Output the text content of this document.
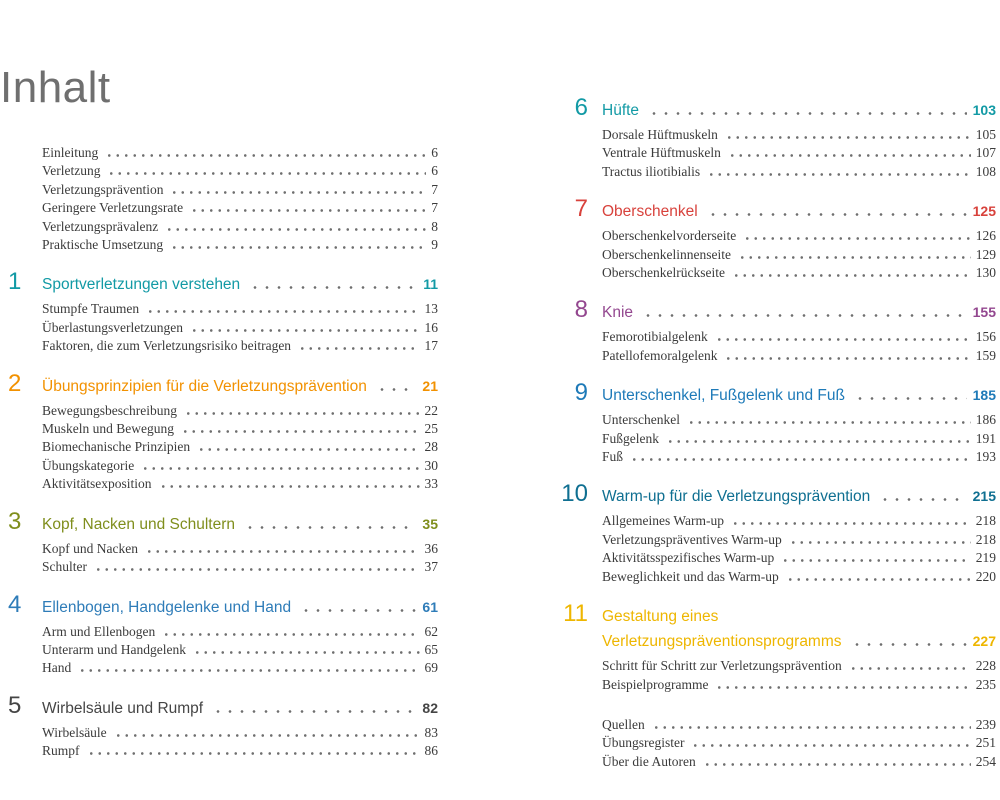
Inhalt
Einleitung	6
Verletzung	6
Verletzungsprävention	7
Geringere Verletzungsrate	7
Verletzungsprävalenz	8
Praktische Umsetzung	9
1	Sportverletzungen verstehen	11
Stumpfe Traumen	13
Überlastungsverletzungen	16
Faktoren, die zum Verletzungsrisiko beitragen	17
2	Übungsprinzipien für die Verletzungsprävention	21
Bewegungsbeschreibung	22
Muskeln und Bewegung	25
Biomechanische Prinzipien	28
Übungskategorie	30
Aktivitätsexposition	33
3	Kopf, Nacken und Schultern	35
Kopf und Nacken	36
Schulter	37
4	Ellenbogen, Handgelenke und Hand	61
Arm und Ellenbogen	62
Unterarm und Handgelenk	65
Hand	69
5	Wirbelsäule und Rumpf	82
Wirbelsäule	83
Rumpf	86
6 Hüfte	103
Dorsale Hüftmuskeln	105
Ventrale Hüftmuskeln	107
Tractus iliotibialis	108
7 Oberschenkel	125
Oberschenkelvorderseite	126
Oberschenkelinnenseite	129
Oberschenkelrückseite	130
8 Knie	155
Femorotibialgelenk	156
Patellofemoralgelenk	159
9 Unterschenkel, Fußgelenk und Fuß	185
Unterschenkel	186
Fußgelenk	191
Fuß	193
10 Warm-up für die Verletzungsprävention	215
Allgemeines Warm-up	218
Verletzungspräventives Warm-up	218
Aktivitätsspezifisches Warm-up	219
Beweglichkeit und das Warm-up	220
11 Gestaltung eines
Verletzungspräventionsprogramms	227
Schritt für Schritt zur Verletzungsprävention	228
Beispielprogramme	235
Quellen	239
Übungsregister	251
Über die Autoren	254
